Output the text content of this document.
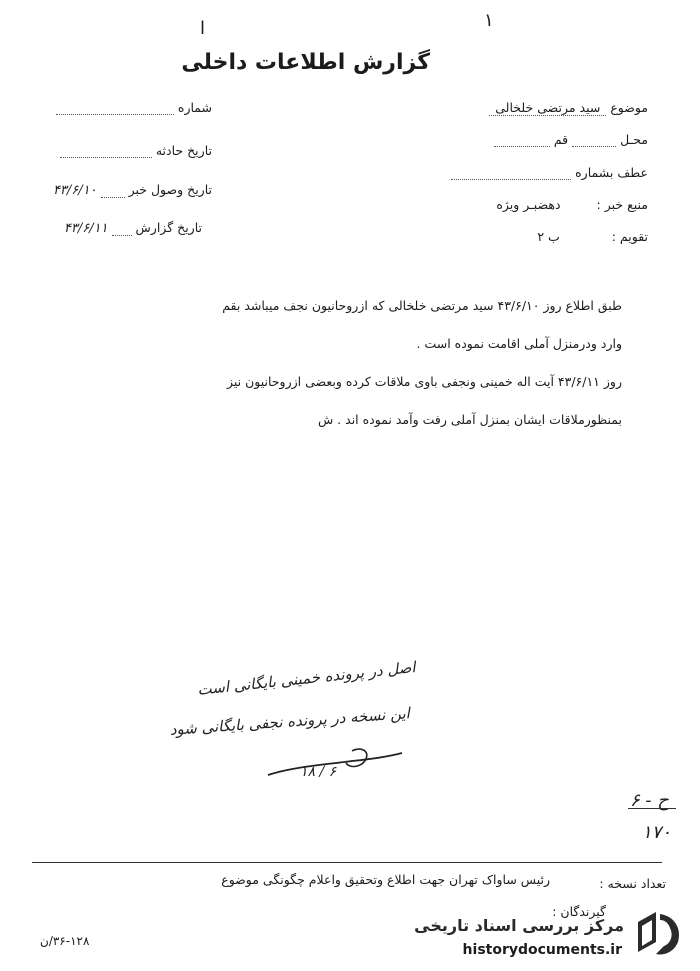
ا	١
گزارش اطلاعات داخلی
شماره
تاریخ حادثه
تاریخ وصول خبر  ۴۳/۶/۱۰
تاریخ گزارش  ۴۳/۶/۱۱
موضوع سید مرتضی خلخالی
محـل  قم
عطف بشماره
منبع خبر :  دهضبـر ویژه
تقویم :  ب ۲
طبق اطلاع روز ۴۳/۶/۱۰ سید مرتضی خلخالی که ازروحانیون نجف میباشد بقم
وارد ودرمنزل آملی اقامت نموده است .
روز ۴۳/۶/۱۱ آیت اله خمینی ونجفی باوی ملاقات کرده وبعضی ازروحانیون نیز
بمنظورملاقات ایشان بمنزل آملی رفت وآمد نموده اند . ش
اصل در پرونده خمینی بایگانی است
این نسخه در پرونده نجفی بایگانی شود
۱۸ / ۶
۶ - ح
۱۷۰
تعداد نسخه :
رئیس ساواک تهران جهت اطلاع وتحقیق واعلام چگونگی موضوع
گیرندگان :
۳۶-۱۲۸/ن
مرکز بررسی اسناد تاریخی
historydocuments.ir
